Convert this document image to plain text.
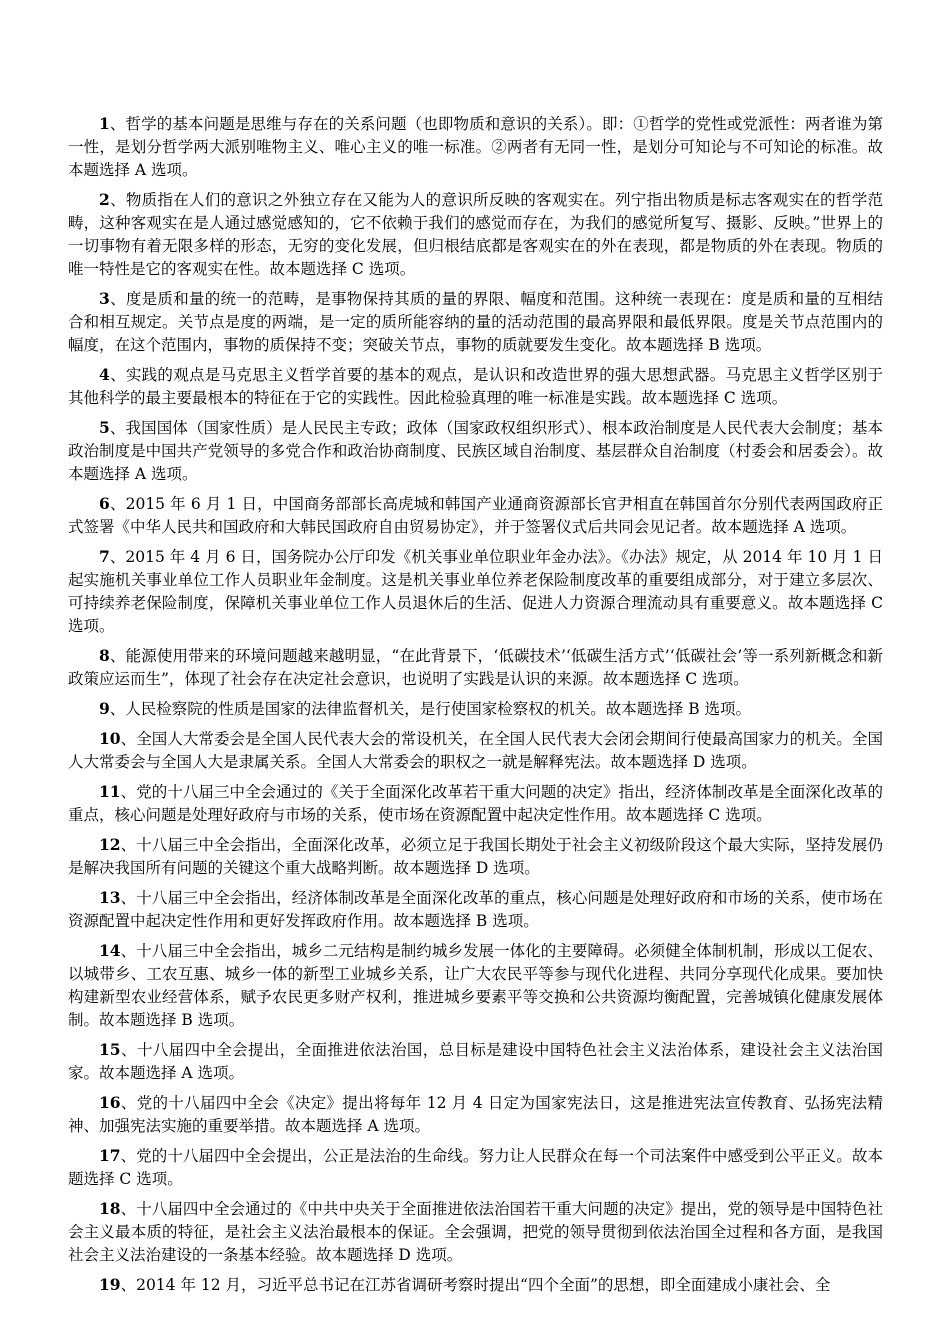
1、哲学的基本问题是思维与存在的关系问题（也即物质和意识的关系）。即：①哲学的党性或党派性：两者谁为第一性，是划分哲学两大派别唯物主义、唯心主义的唯一标准。②两者有无同一性，是划分可知论与不可知论的标准。故本题选择 A 选项。

2、物质指在人们的意识之外独立存在又能为人的意识所反映的客观实在。列宁指出物质是标志客观实在的哲学范畴，这种客观实在是人通过感觉感知的，它不依赖于我们的感觉而存在，为我们的感觉所复写、摄影、反映。”世界上的一切事物有着无限多样的形态，无穷的变化发展，但归根结底都是客观实在的外在表现，都是物质的外在表现。物质的唯一特性是它的客观实在性。故本题选择 C 选项。

3、度是质和量的统一的范畴，是事物保持其质的量的界限、幅度和范围。这种统一表现在：度是质和量的互相结合和相互规定。关节点是度的两端，是一定的质所能容纳的量的活动范围的最高界限和最低界限。度是关节点范围内的幅度，在这个范围内，事物的质保持不变；突破关节点，事物的质就要发生变化。故本题选择 B 选项。

4、实践的观点是马克思主义哲学首要的基本的观点，是认识和改造世界的强大思想武器。马克思主义哲学区别于其他科学的最主要最根本的特征在于它的实践性。因此检验真理的唯一标准是实践。故本题选择 C 选项。

5、我国国体（国家性质）是人民民主专政；政体（国家政权组织形式）、根本政治制度是人民代表大会制度；基本政治制度是中国共产党领导的多党合作和政治协商制度、民族区域自治制度、基层群众自治制度（村委会和居委会）。故本题选择 A 选项。

6、2015 年 6 月 1 日，中国商务部部长高虎城和韩国产业通商资源部长官尹相直在韩国首尔分别代表两国政府正式签署《中华人民共和国政府和大韩民国政府自由贸易协定》，并于签署仪式后共同会见记者。故本题选择 A 选项。

7、2015 年 4 月 6 日，国务院办公厅印发《机关事业单位职业年金办法》。《办法》规定，从 2014 年 10 月 1 日起实施机关事业单位工作人员职业年金制度。这是机关事业单位养老保险制度改革的重要组成部分，对于建立多层次、可持续养老保险制度，保障机关事业单位工作人员退休后的生活、促进人力资源合理流动具有重要意义。故本题选择 C 选项。

8、能源使用带来的环境问题越来越明显，“在此背景下，‘低碳技术’‘低碳生活方式’‘低碳社会’等一系列新概念和新政策应运而生”，体现了社会存在决定社会意识，也说明了实践是认识的来源。故本题选择 C 选项。

9、人民检察院的性质是国家的法律监督机关，是行使国家检察权的机关。故本题选择 B 选项。

10、全国人大常委会是全国人民代表大会的常设机关，在全国人民代表大会闭会期间行使最高国家力的机关。全国人大常委会与全国人大是隶属关系。全国人大常委会的职权之一就是解释宪法。故本题选择 D 选项。

11、党的十八届三中全会通过的《关于全面深化改革若干重大问题的决定》指出，经济体制改革是全面深化改革的重点，核心问题是处理好政府与市场的关系，使市场在资源配置中起决定性作用。故本题选择 C 选项。

12、十八届三中全会指出，全面深化改革，必须立足于我国长期处于社会主义初级阶段这个最大实际，坚持发展仍是解决我国所有问题的关键这个重大战略判断。故本题选择 D 选项。

13、十八届三中全会指出，经济体制改革是全面深化改革的重点，核心问题是处理好政府和市场的关系，使市场在资源配置中起决定性作用和更好发挥政府作用。故本题选择 B 选项。

14、十八届三中全会指出，城乡二元结构是制约城乡发展一体化的主要障碍。必须健全体制机制，形成以工促农、以城带乡、工农互惠、城乡一体的新型工业城乡关系，让广大农民平等参与现代化进程、共同分享现代化成果。要加快构建新型农业经营体系，赋予农民更多财产权利，推进城乡要素平等交换和公共资源均衡配置，完善城镇化健康发展体制。故本题选择 B 选项。

15、十八届四中全会提出，全面推进依法治国，总目标是建设中国特色社会主义法治体系，建设社会主义法治国家。故本题选择 A 选项。

16、党的十八届四中全会《决定》提出将每年 12 月 4 日定为国家宪法日，这是推进宪法宣传教育、弘扬宪法精神、加强宪法实施的重要举措。故本题选择 A 选项。

17、党的十八届四中全会提出，公正是法治的生命线。努力让人民群众在每一个司法案件中感受到公平正义。故本题选择 C 选项。

18、十八届四中全会通过的《中共中央关于全面推进依法治国若干重大问题的决定》提出，党的领导是中国特色社会主义最本质的特征，是社会主义法治最根本的保证。全会强调，把党的领导贯彻到依法治国全过程和各方面，是我国社会主义法治建设的一条基本经验。故本题选择 D 选项。

19、2014 年 12 月，习近平总书记在江苏省调研考察时提出“四个全面”的思想，即全面建成小康社会、全
